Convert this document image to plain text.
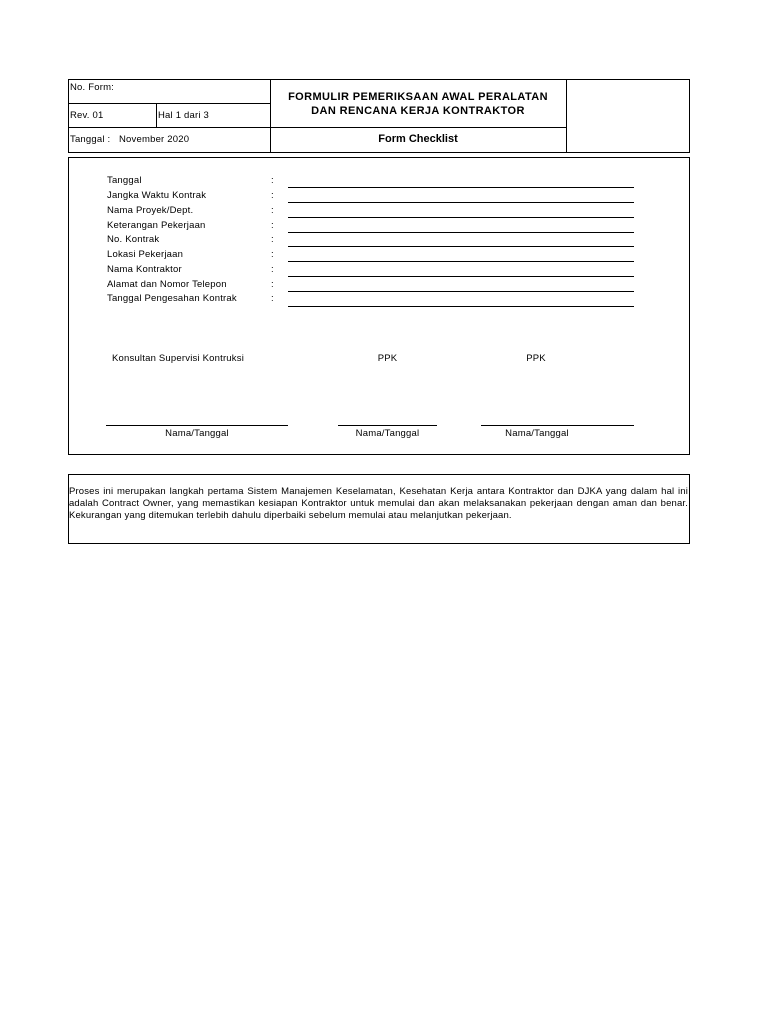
No. Form:
Rev. 01	Hal 1 dari 3
Tanggal : November 2020
FORMULIR PEMERIKSAAN AWAL PERALATAN
DAN RENCANA KERJA KONTRAKTOR
Form Checklist
Tanggal	:
Jangka Waktu Kontrak	:
Nama Proyek/Dept.	:
Keterangan Pekerjaan	:
No. Kontrak	:
Lokasi Pekerjaan	:
Nama Kontraktor	:
Alamat dan Nomor Telepon	:
Tanggal Pengesahan Kontrak	:
Konsultan Supervisi Kontruksi	PPK	PPK
Nama/Tanggal	Nama/Tanggal	Nama/Tanggal
Proses ini merupakan langkah pertama Sistem Manajemen Keselamatan, Kesehatan Kerja antara Kontraktor dan DJKA yang dalam hal ini adalah Contract Owner, yang memastikan kesiapan Kontraktor untuk memulai dan akan melaksanakan pekerjaan dengan aman dan benar. Kekurangan yang ditemukan terlebih dahulu diperbaiki sebelum memulai atau melanjutkan pekerjaan.
